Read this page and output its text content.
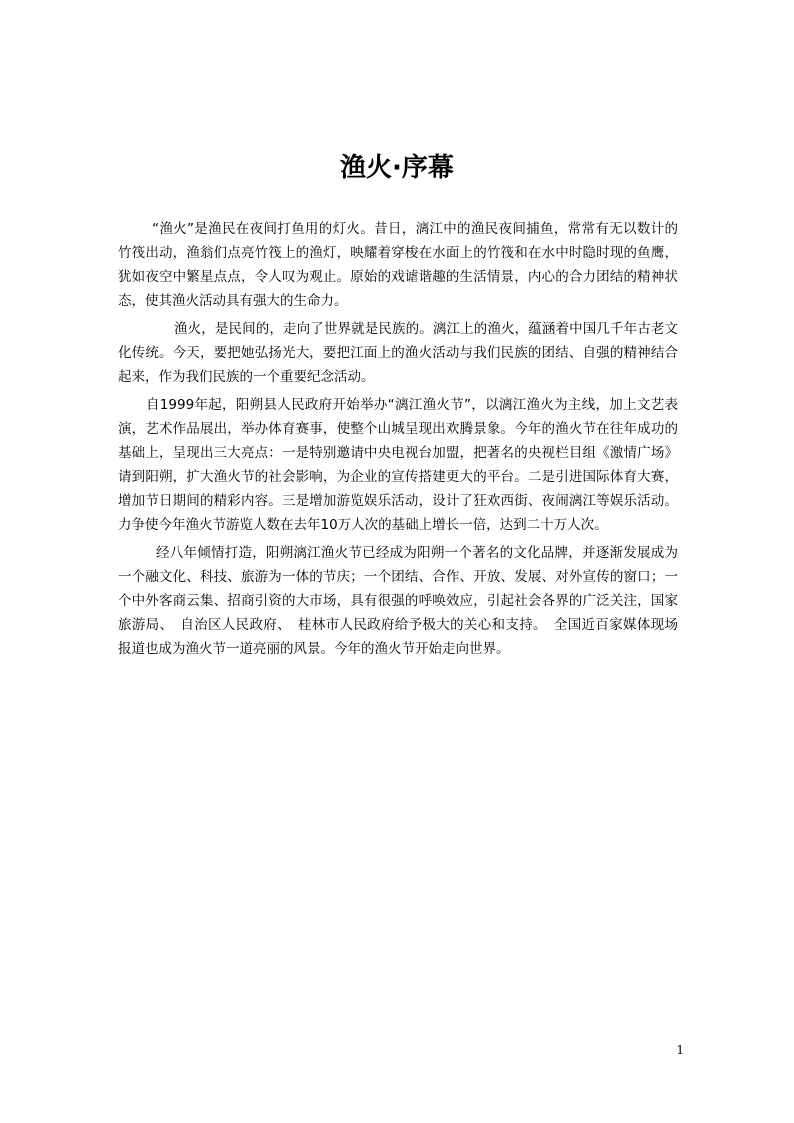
渔火·序幕

“渔火”是渔民在夜间打鱼用的灯火。昔日，漓江中的渔民夜间捕鱼，常常有无以数计的竹筏出动，渔翁们点亮竹筏上的渔灯，映耀着穿梭在水面上的竹筏和在水中时隐时现的鱼鹰，犹如夜空中繁星点点，令人叹为观止。原始的戏谑谐趣的生活情景，内心的合力团结的精神状态，使其渔火活动具有强大的生命力。

渔火，是民间的，走向了世界就是民族的。漓江上的渔火，蕴涵着中国几千年古老文化传统。今天，要把她弘扬光大，要把江面上的渔火活动与我们民族的团结、自强的精神结合起来，作为我们民族的一个重要纪念活动。

自1999年起，阳朔县人民政府开始举办“漓江渔火节”，以漓江渔火为主线，加上文艺表演，艺术作品展出，举办体育赛事，使整个山城呈现出欢腾景象。今年的渔火节在往年成功的基础上，呈现出三大亮点：一是特别邀请中央电视台加盟，把著名的央视栏目组《激情广场》请到阳朔，扩大渔火节的社会影响，为企业的宣传搭建更大的平台。二是引进国际体育大赛，增加节日期间的精彩内容。三是增加游览娱乐活动，设计了狂欢西街、夜闹漓江等娱乐活动。力争使今年渔火节游览人数在去年10万人次的基础上增长一倍，达到二十万人次。

经八年倾情打造，阳朔漓江渔火节已经成为阳朔一个著名的文化品牌，并逐渐发展成为一个融文化、科技、旅游为一体的节庆；一个团结、合作、开放、发展、对外宣传的窗口；一个中外客商云集、招商引资的大市场，具有很强的呼唤效应，引起社会各界的广泛关注，国家旅游局、　自治区人民政府、　桂林市人民政府给予极大的关心和支持。　全国近百家媒体现场报道也成为渔火节一道亮丽的风景。今年的渔火节开始走向世界。

1
